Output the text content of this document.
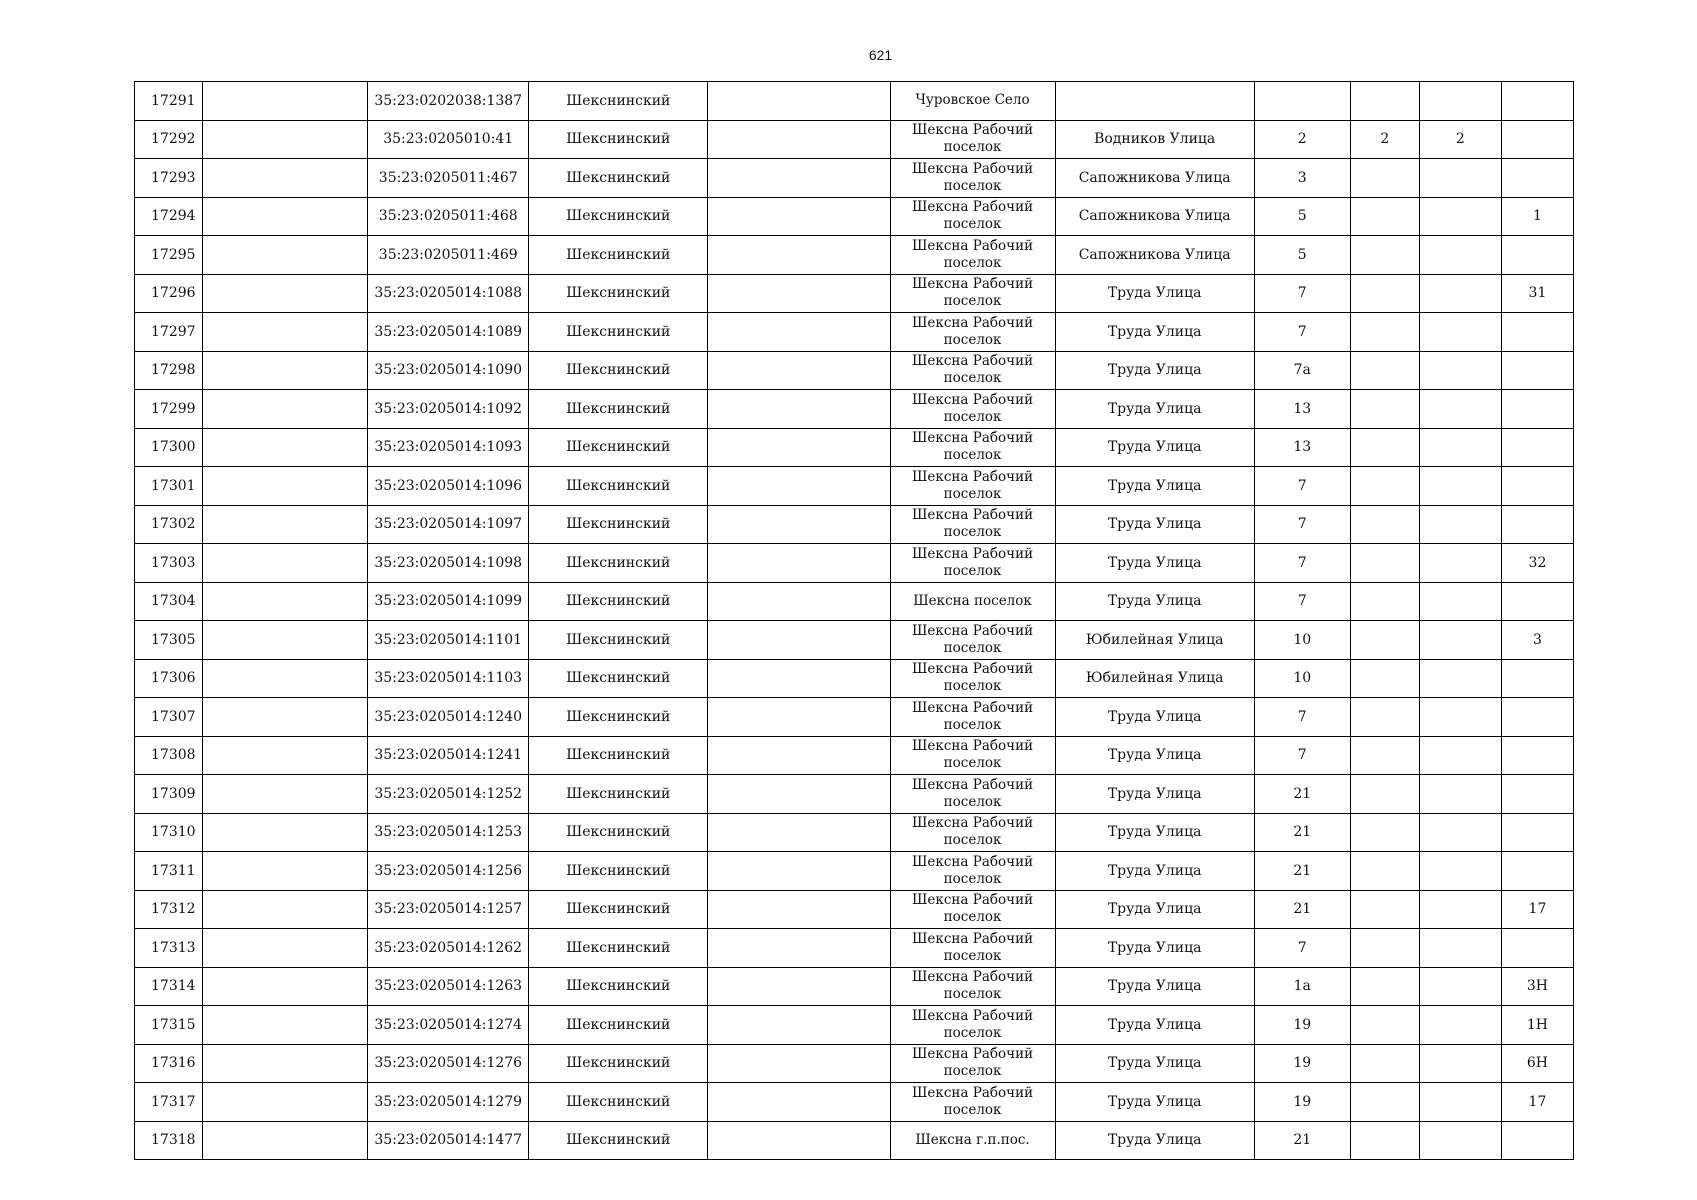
621
17291		35:23:0202038:1387	Шекснинский		Чуровское Село					
17292		35:23:0205010:41	Шекснинский		Шексна Рабочий поселок	Водников Улица	2	2	2	
17293		35:23:0205011:467	Шекснинский		Шексна Рабочий поселок	Сапожникова Улица	3			
17294		35:23:0205011:468	Шекснинский		Шексна Рабочий поселок	Сапожникова Улица	5			1
17295		35:23:0205011:469	Шекснинский		Шексна Рабочий поселок	Сапожникова Улица	5			
17296		35:23:0205014:1088	Шекснинский		Шексна Рабочий поселок	Труда Улица	7			31
17297		35:23:0205014:1089	Шекснинский		Шексна Рабочий поселок	Труда Улица	7			
17298		35:23:0205014:1090	Шекснинский		Шексна Рабочий поселок	Труда Улица	7а			
17299		35:23:0205014:1092	Шекснинский		Шексна Рабочий поселок	Труда Улица	13			
17300		35:23:0205014:1093	Шекснинский		Шексна Рабочий поселок	Труда Улица	13			
17301		35:23:0205014:1096	Шекснинский		Шексна Рабочий поселок	Труда Улица	7			
17302		35:23:0205014:1097	Шекснинский		Шексна Рабочий поселок	Труда Улица	7			
17303		35:23:0205014:1098	Шекснинский		Шексна Рабочий поселок	Труда Улица	7			32
17304		35:23:0205014:1099	Шекснинский		Шексна поселок	Труда Улица	7			
17305		35:23:0205014:1101	Шекснинский		Шексна Рабочий поселок	Юбилейная Улица	10			3
17306		35:23:0205014:1103	Шекснинский		Шексна Рабочий поселок	Юбилейная Улица	10			
17307		35:23:0205014:1240	Шекснинский		Шексна Рабочий поселок	Труда Улица	7			
17308		35:23:0205014:1241	Шекснинский		Шексна Рабочий поселок	Труда Улица	7			
17309		35:23:0205014:1252	Шекснинский		Шексна Рабочий поселок	Труда Улица	21			
17310		35:23:0205014:1253	Шекснинский		Шексна Рабочий поселок	Труда Улица	21			
17311		35:23:0205014:1256	Шекснинский		Шексна Рабочий поселок	Труда Улица	21			
17312		35:23:0205014:1257	Шекснинский		Шексна Рабочий поселок	Труда Улица	21			17
17313		35:23:0205014:1262	Шекснинский		Шексна Рабочий поселок	Труда Улица	7			
17314		35:23:0205014:1263	Шекснинский		Шексна Рабочий поселок	Труда Улица	1а			3Н
17315		35:23:0205014:1274	Шекснинский		Шексна Рабочий поселок	Труда Улица	19			1Н
17316		35:23:0205014:1276	Шекснинский		Шексна Рабочий поселок	Труда Улица	19			6Н
17317		35:23:0205014:1279	Шекснинский		Шексна Рабочий поселок	Труда Улица	19			17
17318		35:23:0205014:1477	Шекснинский		Шексна г.п.пос.	Труда Улица	21			
